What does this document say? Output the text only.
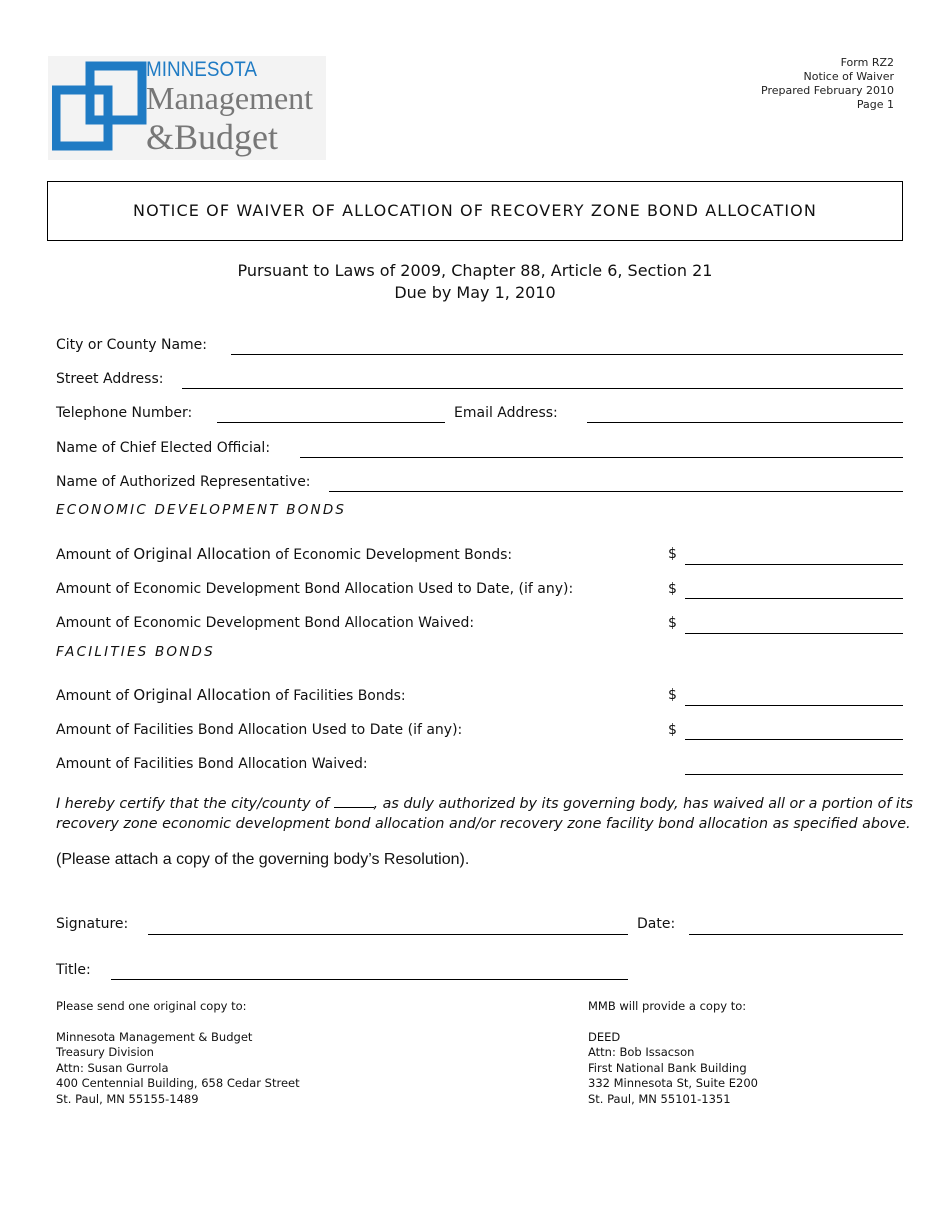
MINNESOTA
Management
&Budget
Form RZ2
Notice of Waiver
Prepared February 2010
Page 1
NOTICE OF WAIVER OF ALLOCATION OF RECOVERY ZONE BOND ALLOCATION
Pursuant to Laws of 2009, Chapter 88, Article 6, Section 21
Due by May 1, 2010
City or County Name:
Street Address:
Telephone Number:	Email Address:
Name of Chief Elected Official:
Name of Authorized Representative:
ECONOMIC DEVELOPMENT BONDS
Amount of Original Allocation of Economic Development Bonds:	$
Amount of Economic Development Bond Allocation Used to Date, (if any):	$
Amount of Economic Development Bond Allocation Waived:	$
FACILITIES BONDS
Amount of Original Allocation of Facilities Bonds:	$
Amount of Facilities Bond Allocation Used to Date (if any):	$
Amount of Facilities Bond Allocation Waived:
I hereby certify that the city/county of	, as duly authorized by its governing body, has waived all or a portion of its
recovery zone economic development bond allocation and/or recovery zone facility bond allocation as specified above.
(Please attach a copy of the governing body’s Resolution).
Signature:	Date:
Title:
Please send one original copy to:
Minnesota Management & Budget
Treasury Division
Attn: Susan Gurrola
400 Centennial Building, 658 Cedar Street
St. Paul, MN 55155-1489
MMB will provide a copy to:
DEED
Attn: Bob Issacson
First National Bank Building
332 Minnesota St, Suite E200
St. Paul, MN 55101-1351
